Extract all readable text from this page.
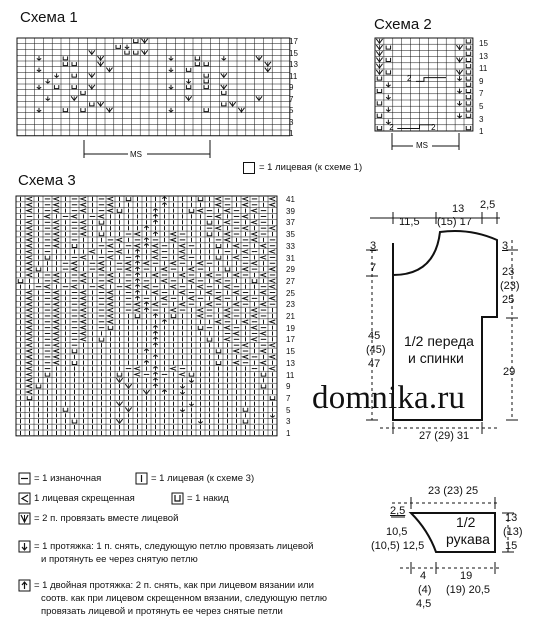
Схема 1
17
15
13
11
9
7
5
3
1
MS
= 1 лицевая (к схеме 1)
Схема 2
2
2	2
15
13
11
9
7
5
3
1
MS
Схема 3
41
39
37
35
33
31
29
27
25
23
21
19
17
15
13
11
9
7
5
3
1
11,5
13
(15) 17
2,5
3
7
3
23
(23)
25
45
(45)
47
1/2 переда
и спинки
29
27 (29) 31
domnika.ru
23 (23) 25
2,5
10,5
(10,5) 12,5
1/2
рукава
13
(13)
15
4
(4)
4,5
19
(19) 20,5
= 1 изнаночная	= 1 лицевая (к схеме 3)
1 лицевая скрещенная	= 1 накид
= 2 п. провязать вместе лицевой
= 1 протяжка: 1 п. снять, следующую петлю провязать лицевой
и протянуть ее через снятую петлю
= 1 двойная протяжка: 2 п. снять, как при лицевом вязании или
соотв. как при лицевом скрещенном вязании, следующую петлю
провязать лицевой и протянуть ее через снятые петли
